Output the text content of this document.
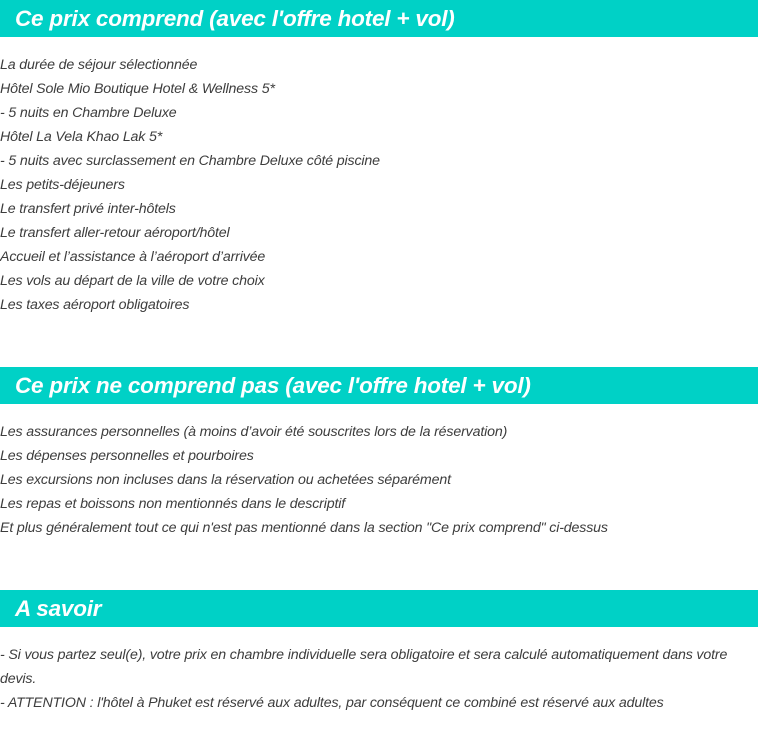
Ce prix comprend (avec l'offre hotel + vol)
La durée de séjour sélectionnée
Hôtel Sole Mio Boutique Hotel & Wellness 5*
- 5 nuits en Chambre Deluxe
Hôtel La Vela Khao Lak 5*
- 5 nuits avec surclassement en Chambre Deluxe côté piscine
Les petits-déjeuners
Le transfert privé inter-hôtels
Le transfert aller-retour aéroport/hôtel
Accueil et l’assistance à l’aéroport d’arrivée
Les vols au départ de la ville de votre choix
Les taxes aéroport obligatoires
Ce prix ne comprend pas (avec l'offre hotel + vol)
Les assurances personnelles (à moins d’avoir été souscrites lors de la réservation)
Les dépenses personnelles et pourboires
Les excursions non incluses dans la réservation ou achetées séparément
Les repas et boissons non mentionnés dans le descriptif
Et plus généralement tout ce qui n'est pas mentionné dans la section "Ce prix comprend" ci-dessus
A savoir
- Si vous partez seul(e), votre prix en chambre individuelle sera obligatoire et sera calculé automatiquement dans votre devis.
- ATTENTION : l'hôtel à Phuket est réservé aux adultes, par conséquent ce combiné est réservé aux adultes
